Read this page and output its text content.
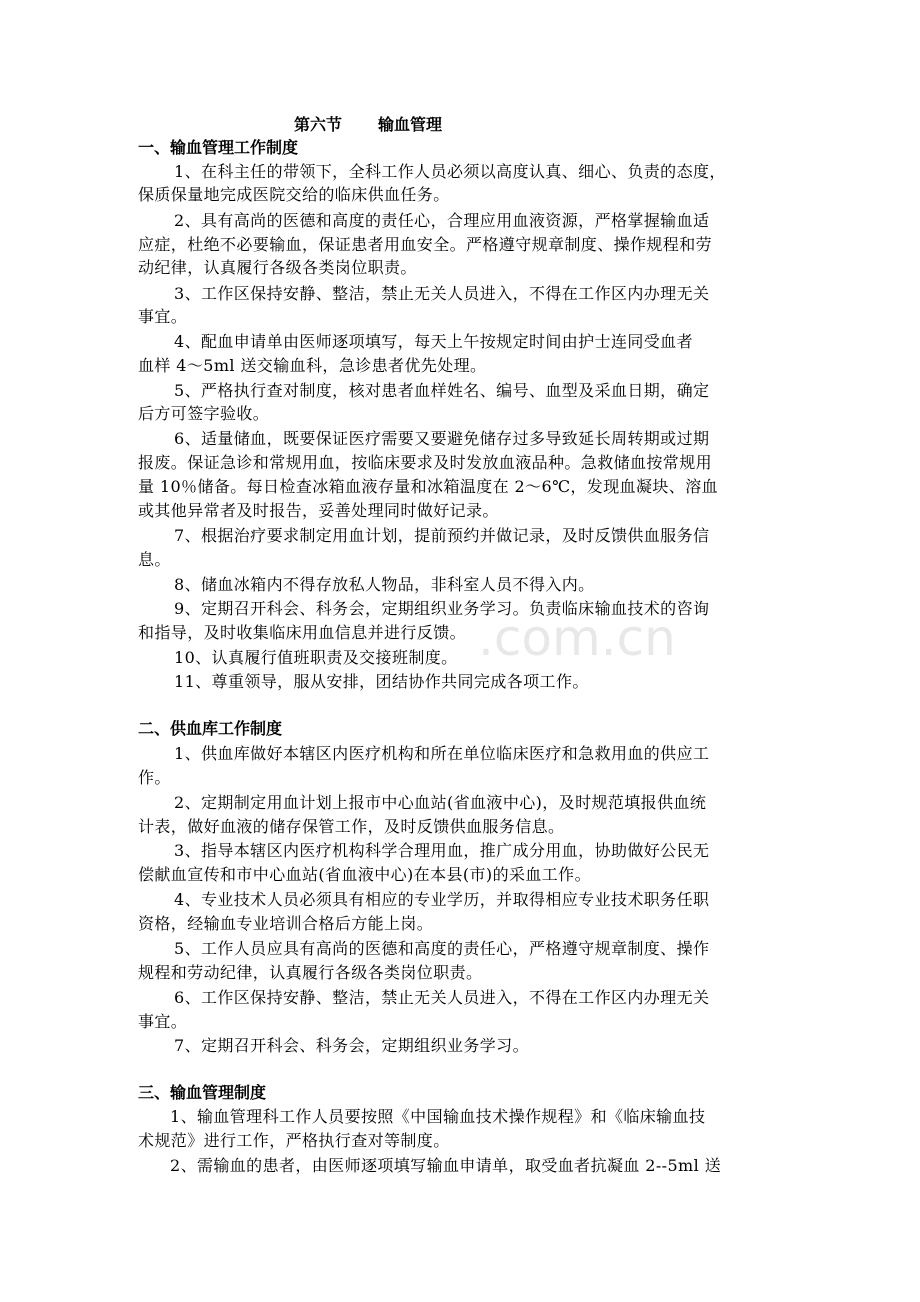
第六节 输血管理
一、输血管理工作制度
1、在科主任的带领下，全科工作人员必须以高度认真、细心、负责的态度，
保质保量地完成医院交给的临床供血任务。
2、具有高尚的医德和高度的责任心，合理应用血液资源，严格掌握输血适
应症，杜绝不必要输血，保证患者用血安全。严格遵守规章制度、操作规程和劳
动纪律，认真履行各级各类岗位职责。
3、工作区保持安静、整洁，禁止无关人员进入，不得在工作区内办理无关
事宜。
4、配血申请单由医师逐项填写，每天上午按规定时间由护士连同受血者
血样 4～5ml 送交输血科，急诊患者优先处理。
5、严格执行查对制度，核对患者血样姓名、编号、血型及采血日期，确定
后方可签字验收。
6、适量储血，既要保证医疗需要又要避免储存过多导致延长周转期或过期
报废。保证急诊和常规用血，按临床要求及时发放血液品种。急救储血按常规用
量 10％储备。每日检查冰箱血液存量和冰箱温度在 2～6℃，发现血凝块、溶血
或其他异常者及时报告，妥善处理同时做好记录。
7、根据治疗要求制定用血计划，提前预约并做记录，及时反馈供血服务信
息。
8、储血冰箱内不得存放私人物品，非科室人员不得入内。
9、定期召开科会、科务会，定期组织业务学习。负责临床输血技术的咨询
和指导，及时收集临床用血信息并进行反馈。
10、认真履行值班职责及交接班制度。
11、尊重领导，服从安排，团结协作共同完成各项工作。
二、供血库工作制度
1、供血库做好本辖区内医疗机构和所在单位临床医疗和急救用血的供应工
作。
2、定期制定用血计划上报市中心血站(省血液中心)，及时规范填报供血统
计表，做好血液的储存保管工作，及时反馈供血服务信息。
3、指导本辖区内医疗机构科学合理用血，推广成分用血，协助做好公民无
偿献血宣传和市中心血站(省血液中心)在本县(市)的采血工作。
4、专业技术人员必须具有相应的专业学历，并取得相应专业技术职务任职
资格，经输血专业培训合格后方能上岗。
5、工作人员应具有高尚的医德和高度的责任心，严格遵守规章制度、操作
规程和劳动纪律，认真履行各级各类岗位职责。
6、工作区保持安静、整洁，禁止无关人员进入，不得在工作区内办理无关
事宜。
7、定期召开科会、科务会，定期组织业务学习。
三、输血管理制度
1、输血管理科工作人员要按照《中国输血技术操作规程》和《临床输血技
术规范》进行工作，严格执行查对等制度。
2、需输血的患者，由医师逐项填写输血申请单，取受血者抗凝血 2--5ml 送
.com.cn
